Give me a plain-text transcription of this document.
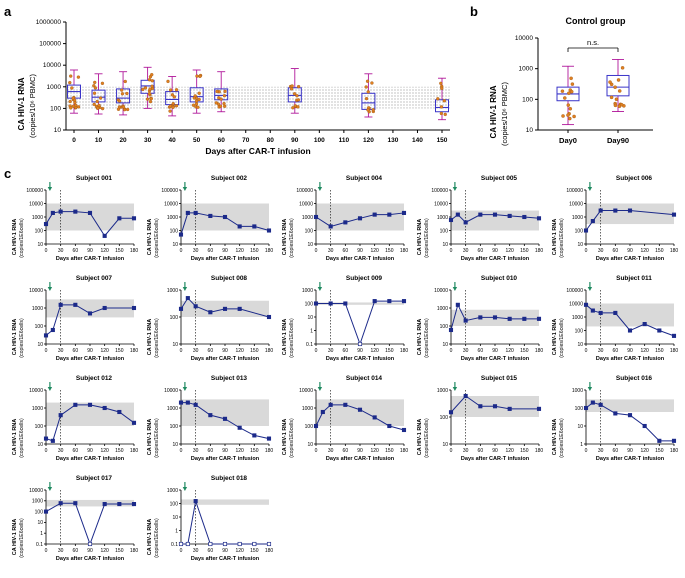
a	b
c
10
100
1000
10000
100000
1000000
0	10	20	30	40	50	60	70	80	90 100 110 120 130 140 150
CA HIV-1 RNA (copies/10⁶ PBMC)
Days after CAR-T infusion
10
100
1000
10000
Day0	Day90
n.s.
Control group
CA HIV-1 RNA (copies/10⁶ PBMC)
10
100
1000
10000
100000
0 30 60 90 120 150 180
Subject 001
CA HIV-1 RNA (copies/1E6cells)
Days after CAR-T infusion
10
100
1000
10000
100000
0 30 60 90 120 150 180
Subject 002
CA HIV-1 RNA (copies/1E6cells)
Days after CAR-T infusion
10
100
1000
10000
100000
0 30 60 90 120 150 180
Subject 004
CA HIV-1 RNA (copies/1E6cells)
Days after CAR-T infusion
10
100
1000
10000
100000
0 30 60 90 120 150 180
Subject 005
CA HIV-1 RNA (copies/1E6cells)
Days after CAR-T infusion
10
100
1000
10000
100000
0 30 60 90 120 150 180
Subject 006
CA HIV-1 RNA (copies/1E6cells)
Days after CAR-T infusion
10
100
1000
10000
0 30 60 90 120 150 180
Subject 007
CA HIV-1 RNA (copies/1E6cells)
Days after CAR-T infusion
10
100
1000
0 30 60 90 120 150 180
Subject 008
CA HIV-1 RNA (copies/1E6cells)
Days after CAR-T infusion
0.1
1
10
100
1000
0 30 60 90 120 150 180
Subject 009
CA HIV-1 RNA (copies/1E6cells)
Days after CAR-T infusion
10
100
1000
10000
0 30 60 90 120 150 180
Subject 010
CA HIV-1 RNA (copies/1E6cells)
Days after CAR-T infusion
10
100
1000
10000
100000
0 30 60 90 120 150 180
Subject 011
CA HIV-1 RNA (copies/1E6cells)
Days after CAR-T infusion
10
100
1000
10000
0 30 60 90 120 150 180
Subject 012
CA HIV-1 RNA (copies/1E6cells)
Days after CAR-T infusion
10
100
1000
10000
0 30 60 90 120 150 180
Subject 013
CA HIV-1 RNA (copies/1E6cells)
Days after CAR-T infusion
10
100
1000
10000
0 30 60 90 120 150 180
Subject 014
CA HIV-1 RNA (copies/1E6cells)
Days after CAR-T infusion
10
100
1000
0 30 60 90 120 150 180
Subject 015
CA HIV-1 RNA (copies/1E6cells)
Days after CAR-T infusion
1
10
100
1000
0 30 60 90 120 150 180
Subject 016
CA HIV-1 RNA (copies/1E6cells)
Days after CAR-T infusion
0.1
1
10
100
1000
10000
0 30 60 90 120 150 180
Subject 017
CA HIV-1 RNA (copies/1E6cells)
Days after CAR-T infusion
0.1
1
10
100
1000
0 30 60 90 120 150 180
Subject 018
CA HIV-1 RNA (copies/1E6cells)
Days after CAR-T infusion
